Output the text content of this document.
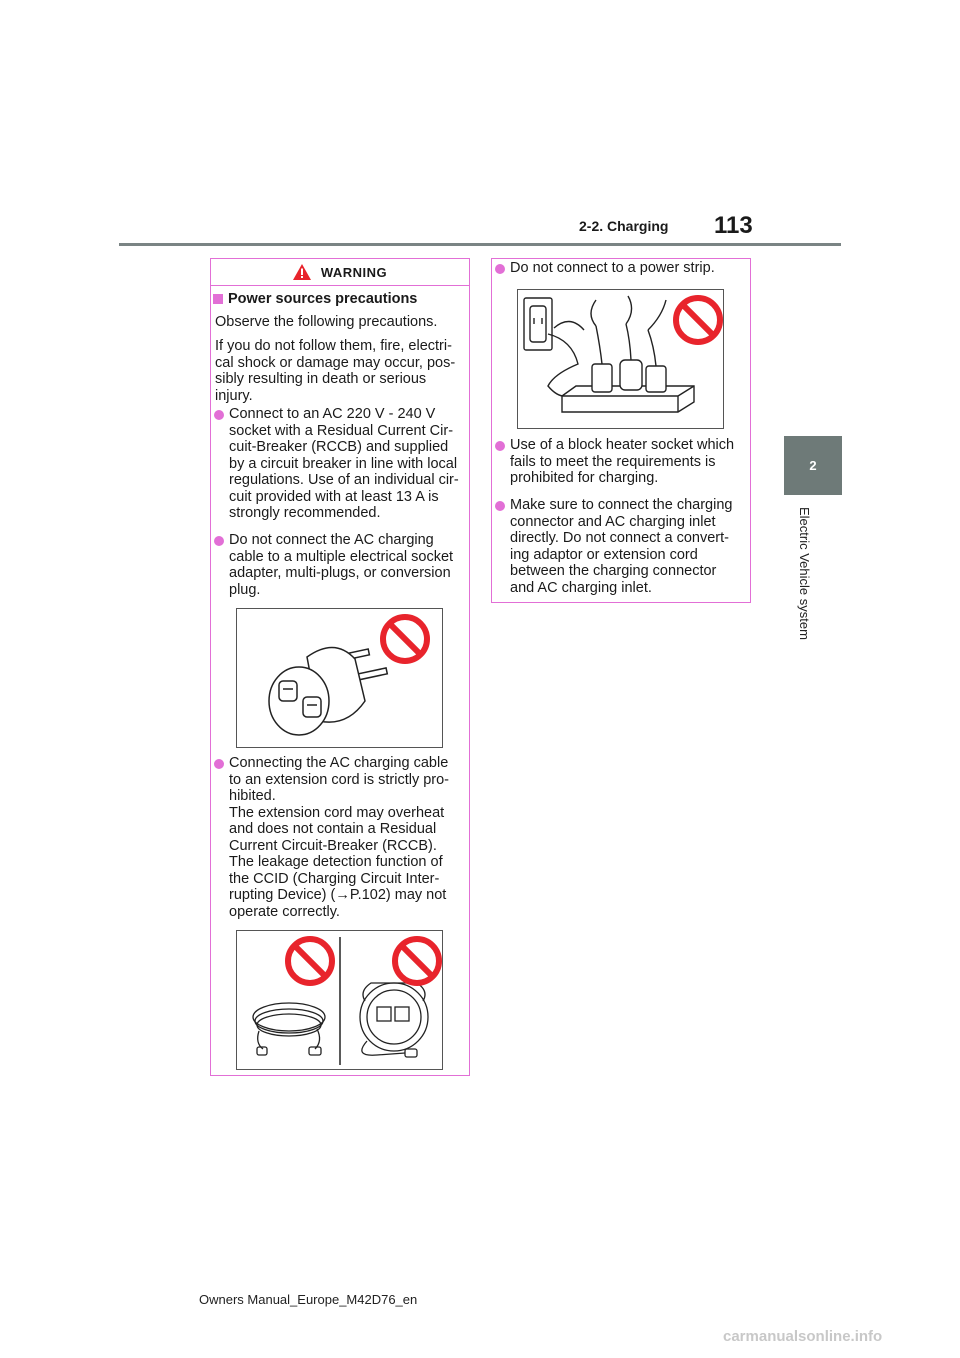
2-2. Charging 113
2
Electric Vehicle system
WARNING
Power sources precautions
Observe the following precautions.
If you do not follow them, fire, electri-
cal shock or damage may occur, pos-
sibly resulting in death or serious
injury.
Connect to an AC 220 V - 240 V
socket with a Residual Current Cir-
cuit-Breaker (RCCB) and supplied
by a circuit breaker in line with local
regulations. Use of an individual cir-
cuit provided with at least 13 A is
strongly recommended.
Do not connect the AC charging
cable to a multiple electrical socket
adapter, multi-plugs, or conversion
plug.
Connecting the AC charging cable
to an extension cord is strictly pro-
hibited.
The extension cord may overheat
and does not contain a Residual
Current Circuit-Breaker (RCCB).
The leakage detection function of
the CCID (Charging Circuit Inter-
rupting Device) (→P.102) may not
operate correctly.
Do not connect to a power strip.
Use of a block heater socket which
fails to meet the requirements is
prohibited for charging.
Make sure to connect the charging
connector and AC charging inlet
directly. Do not connect a convert-
ing adaptor or extension cord
between the charging connector
and AC charging inlet.
Owners Manual_Europe_M42D76_en
carmanualsonline.info
